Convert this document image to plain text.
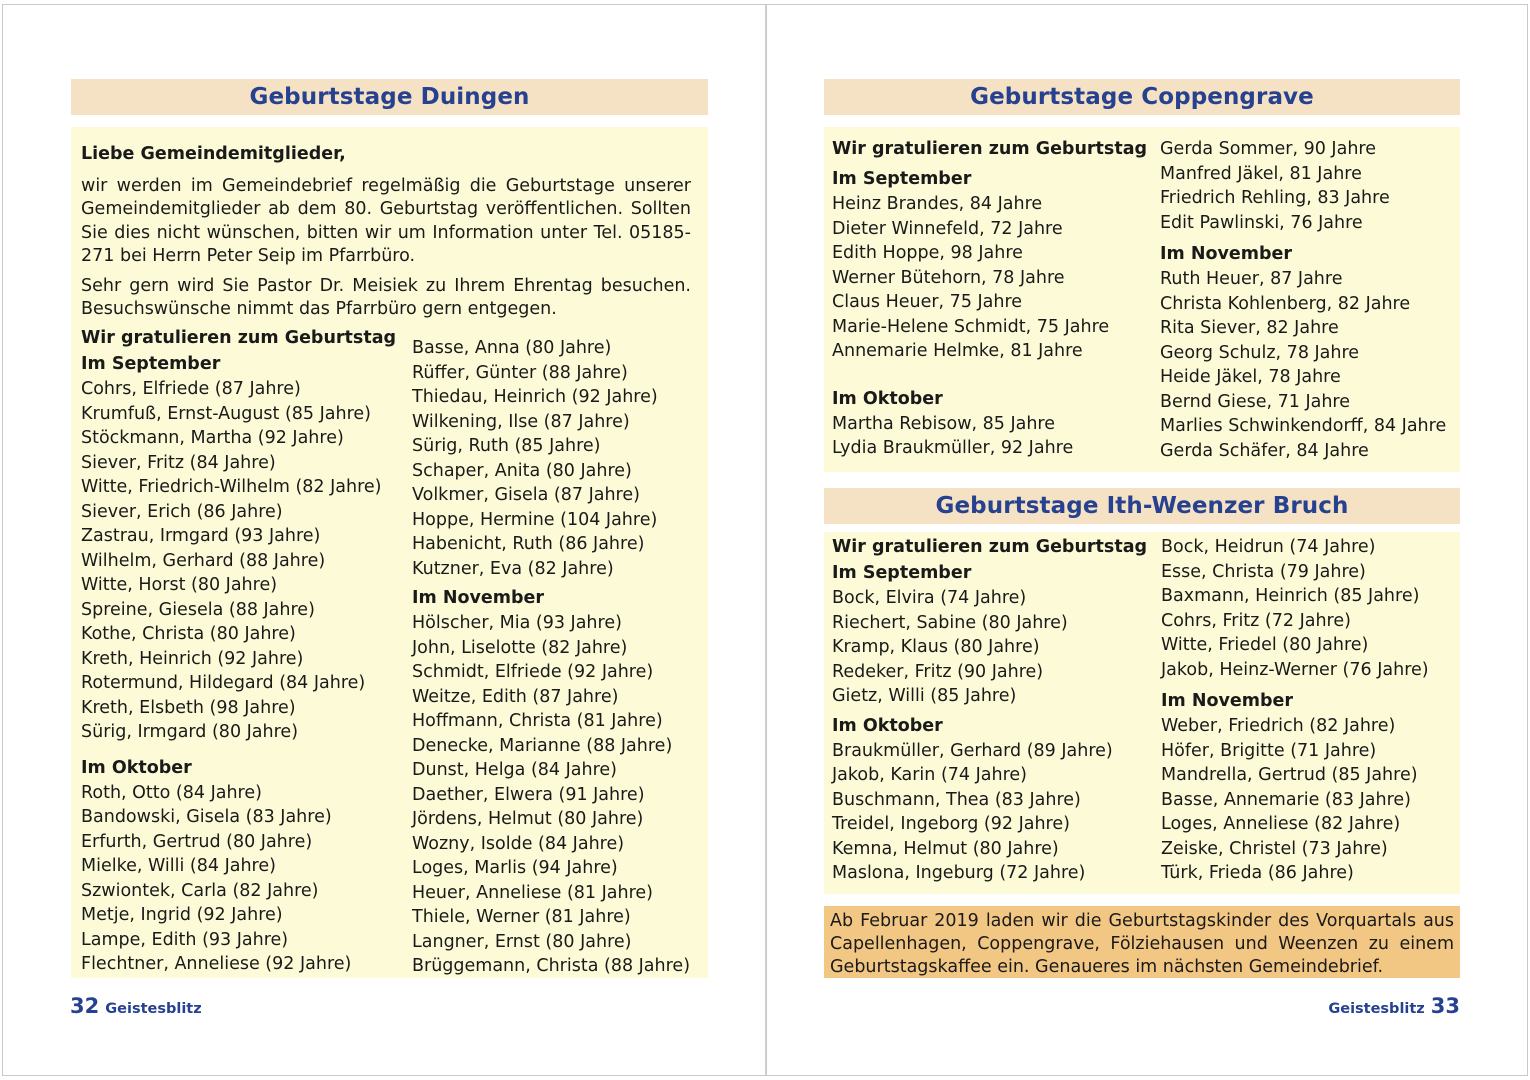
Geburtstage Duingen

Liebe Gemeindemitglieder,

wir werden im Gemeindebrief regelmäßig die Geburtstage unserer Gemeindemitglieder ab dem 80. Geburtstag veröffentlichen. Sollten Sie dies nicht wünschen, bitten wir um Information unter Tel. 05185-271 bei Herrn Peter Seip im Pfarrbüro.

Sehr gern wird Sie Pastor Dr. Meisiek zu Ihrem Ehrentag besuchen. Besuchswünsche nimmt das Pfarrbüro gern entgegen.

Wir gratulieren zum Geburtstag
Im September
Cohrs, Elfriede (87 Jahre)
Krumfuß, Ernst-August (85 Jahre)
Stöckmann, Martha (92 Jahre)
Siever, Fritz (84 Jahre)
Witte, Friedrich-Wilhelm (82 Jahre)
Siever, Erich (86 Jahre)
Zastrau, Irmgard (93 Jahre)
Wilhelm, Gerhard (88 Jahre)
Witte, Horst (80 Jahre)
Spreine, Giesela (88 Jahre)
Kothe, Christa (80 Jahre)
Kreth, Heinrich (92 Jahre)
Rotermund, Hildegard (84 Jahre)
Kreth, Elsbeth (98 Jahre)
Sürig, Irmgard (80 Jahre)
Im Oktober
Roth, Otto (84 Jahre)
Bandowski, Gisela (83 Jahre)
Erfurth, Gertrud (80 Jahre)
Mielke, Willi (84 Jahre)
Szwiontek, Carla (82 Jahre)
Metje, Ingrid (92 Jahre)
Lampe, Edith (93 Jahre)
Flechtner, Anneliese (92 Jahre)
Basse, Anna (80 Jahre)
Rüffer, Günter (88 Jahre)
Thiedau, Heinrich (92 Jahre)
Wilkening, Ilse (87 Jahre)
Sürig, Ruth (85 Jahre)
Schaper, Anita (80 Jahre)
Volkmer, Gisela (87 Jahre)
Hoppe, Hermine (104 Jahre)
Habenicht, Ruth (86 Jahre)
Kutzner, Eva (82 Jahre)
Im November
Hölscher, Mia (93 Jahre)
John, Liselotte (82 Jahre)
Schmidt, Elfriede (92 Jahre)
Weitze, Edith (87 Jahre)
Hoffmann, Christa (81 Jahre)
Denecke, Marianne (88 Jahre)
Dunst, Helga (84 Jahre)
Daether, Elwera (91 Jahre)
Jördens, Helmut (80 Jahre)
Wozny, Isolde (84 Jahre)
Loges, Marlis (94 Jahre)
Heuer, Anneliese (81 Jahre)
Thiele, Werner (81 Jahre)
Langner, Ernst (80 Jahre)
Brüggemann, Christa (88 Jahre)
32 Geistesblitz
Geburtstage Coppengrave
Wir gratulieren zum Geburtstag
Im September
Heinz Brandes, 84 Jahre
Dieter Winnefeld, 72 Jahre
Edith Hoppe, 98 Jahre
Werner Bütehorn, 78 Jahre
Claus Heuer, 75 Jahre
Marie-Helene Schmidt, 75 Jahre
Annemarie Helmke, 81 Jahre
Im Oktober
Martha Rebisow, 85 Jahre
Lydia Braukmüller, 92 Jahre
Gerda Sommer, 90 Jahre
Manfred Jäkel, 81 Jahre
Friedrich Rehling, 83 Jahre
Edit Pawlinski, 76 Jahre
Im November
Ruth Heuer, 87 Jahre
Christa Kohlenberg, 82 Jahre
Rita Siever, 82 Jahre
Georg Schulz, 78 Jahre
Heide Jäkel, 78 Jahre
Bernd Giese, 71 Jahre
Marlies Schwinkendorff, 84 Jahre
Gerda Schäfer, 84 Jahre
Geburtstage Ith-Weenzer Bruch
Wir gratulieren zum Geburtstag
Im September
Bock, Elvira (74 Jahre)
Riechert, Sabine (80 Jahre)
Kramp, Klaus (80 Jahre)
Redeker, Fritz (90 Jahre)
Gietz, Willi (85 Jahre)
Im Oktober
Braukmüller, Gerhard (89 Jahre)
Jakob, Karin (74 Jahre)
Buschmann, Thea (83 Jahre)
Treidel, Ingeborg (92 Jahre)
Kemna, Helmut (80 Jahre)
Maslona, Ingeburg (72 Jahre)
Bock, Heidrun (74 Jahre)
Esse, Christa (79 Jahre)
Baxmann, Heinrich (85 Jahre)
Cohrs, Fritz (72 Jahre)
Witte, Friedel (80 Jahre)
Jakob, Heinz-Werner (76 Jahre)
Im November
Weber, Friedrich (82 Jahre)
Höfer, Brigitte (71 Jahre)
Mandrella, Gertrud (85 Jahre)
Basse, Annemarie (83 Jahre)
Loges, Anneliese (82 Jahre)
Zeiske, Christel (73 Jahre)
Türk, Frieda (86 Jahre)
Ab Februar 2019 laden wir die Geburtstagskinder des Vorquartals aus Capellenhagen, Coppengrave, Fölziehausen und Weenzen zu einem Geburtstagskaffee ein. Genaueres im nächsten Gemeindebrief.
Geistesblitz 33
